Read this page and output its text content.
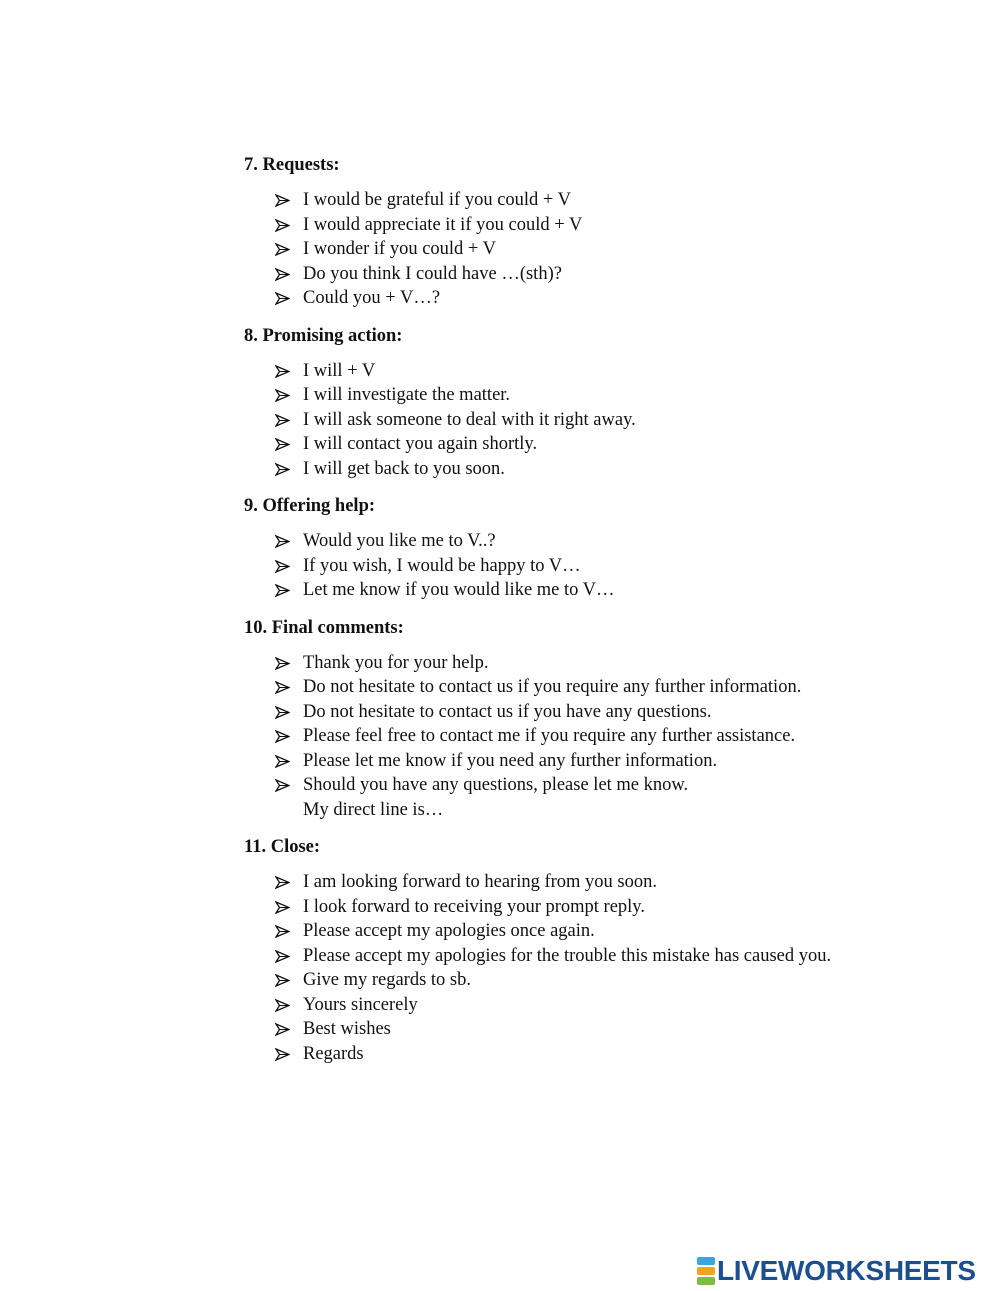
7. Requests:

I would be grateful if you could + V
I would appreciate it if you could + V
I wonder if you could + V
Do you think I could have …(sth)?
Could you + V…?

8. Promising action:

I will + V
I will investigate the matter.
I will ask someone to deal with it right away.
I will contact you again shortly.
I will get back to you soon.

9. Offering help:

Would you like me to V..?
If you wish, I would be happy to V…
Let me know if you would like me to V…

10. Final comments:

Thank you for your help.
Do not hesitate to contact us if you require any further information.
Do not hesitate to contact us if you have any questions.
Please feel free to contact me if you require any further assistance.
Please let me know if you need any further information.
Should you have any questions, please let me know.
My direct line is…

11. Close:

I am looking forward to hearing from you soon.
I look forward to receiving your prompt reply.
Please accept my apologies once again.
Please accept my apologies for the trouble this mistake has caused you.
Give my regards to sb.
Yours sincerely
Best wishes
Regards
LIVEWORKSHEETS
